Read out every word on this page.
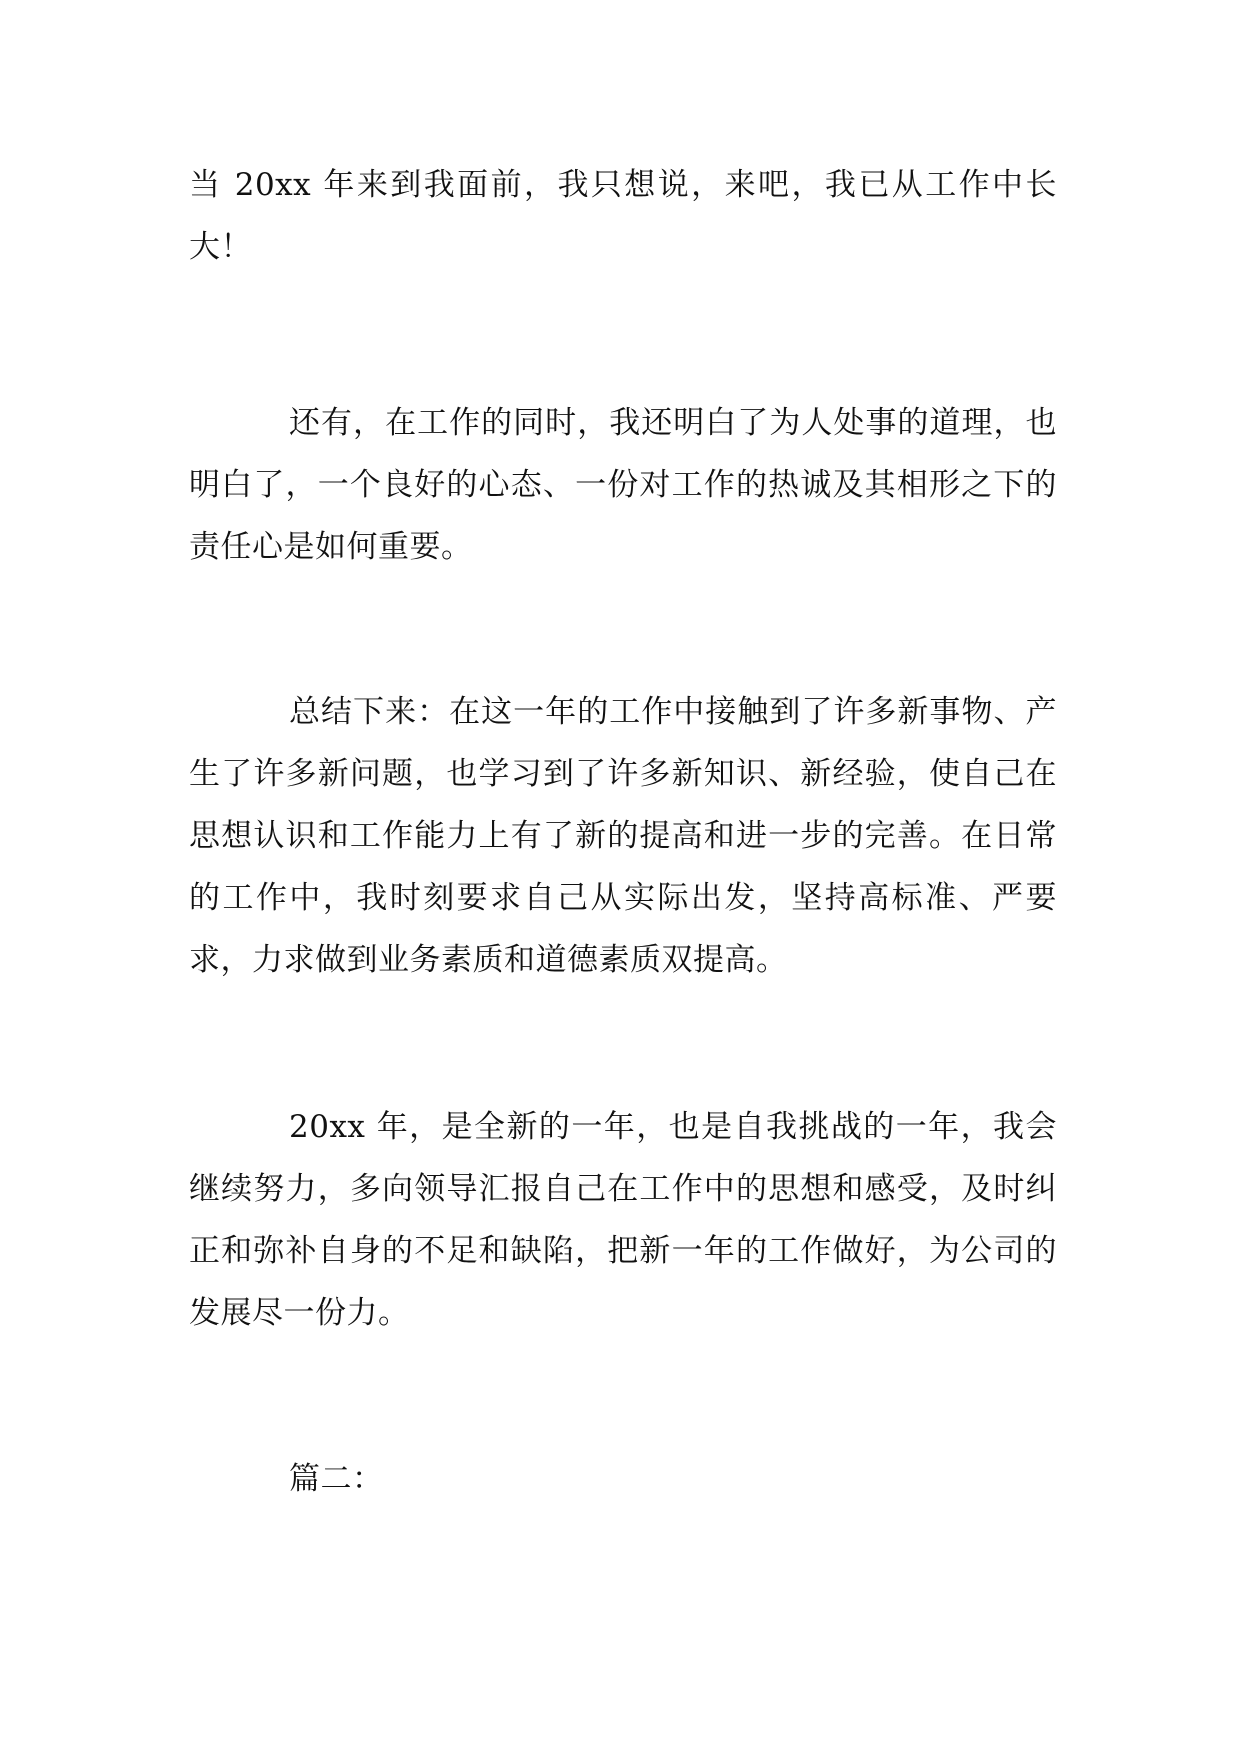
当 20xx 年来到我面前，我只想说，来吧，我已从工作中长大！

还有，在工作的同时，我还明白了为人处事的道理，也明白了，一个良好的心态、一份对工作的热诚及其相形之下的责任心是如何重要。

总结下来：在这一年的工作中接触到了许多新事物、产生了许多新问题，也学习到了许多新知识、新经验，使自己在思想认识和工作能力上有了新的提高和进一步的完善。在日常的工作中，我时刻要求自己从实际出发，坚持高标准、严要求，力求做到业务素质和道德素质双提高。

20xx 年，是全新的一年，也是自我挑战的一年，我会继续努力，多向领导汇报自己在工作中的思想和感受，及时纠正和弥补自身的不足和缺陷，把新一年的工作做好，为公司的发展尽一份力。

篇二：
